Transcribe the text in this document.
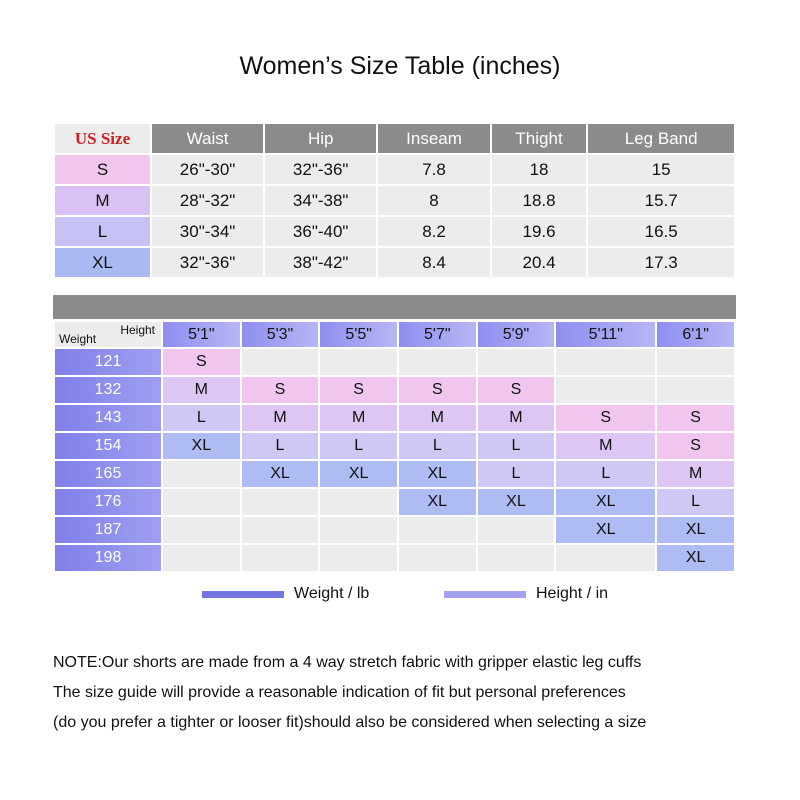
Women’s Size Table (inches)
US Size	Waist	Hip	Inseam	Thight	Leg Band
S	26"-30"	32"-36"	7.8	18	15
M	28"-32"	34"-38"	8	18.8	15.7
L	30"-34"	36"-40"	8.2	19.6	16.5
XL	32"-36"	38"-42"	8.4	20.4	17.3
Height
Weight	5'1"	5'3"	5'5"	5'7"	5'9"	5'11"	6'1"
121	S						
132	M	S	S	S	S		
143	L	M	M	M	M	S	S
154	XL	L	L	L	L	M	S
165		XL	XL	XL	L	L	M
176				XL	XL	XL	L
187						XL	XL
198							XL
Weight / lb	Height / in
NOTE:Our shorts are made from a 4 way stretch fabric with gripper elastic leg cuffs
The size guide will provide a reasonable indication of fit but personal preferences
(do you prefer a tighter or looser fit)should also be considered when selecting a size
